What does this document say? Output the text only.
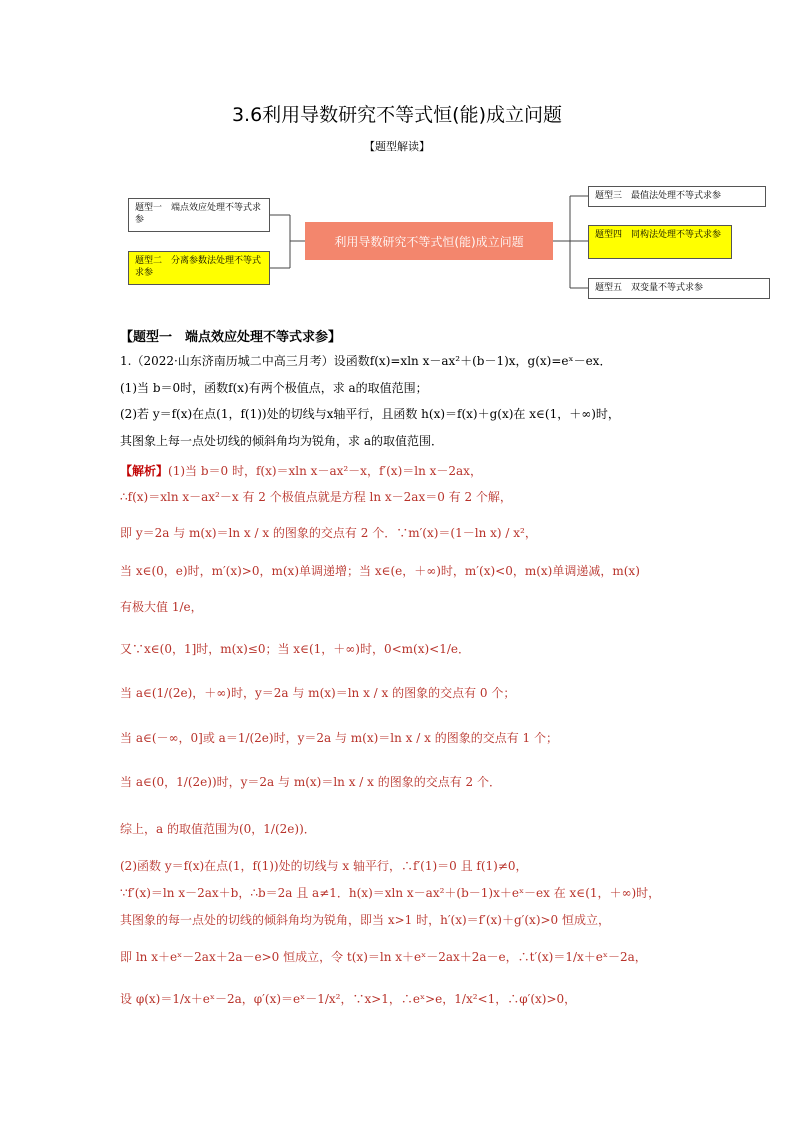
3.6利用导数研究不等式恒(能)成立问题
【题型解读】
题型一　端点效应处理不等式求参
题型二　分离参数法处理不等式求参
利用导数研究不等式恒(能)成立问题
题型三　最值法处理不等式求参
题型四　同构法处理不等式求参
题型五　双变量不等式求参
【题型一　端点效应处理不等式求参】
1.（2022·山东济南历城二中高三月考）设函数f(x)=xln x－ax²＋(b－1)x，g(x)=eˣ－ex．
(1)当 b＝0时，函数f(x)有两个极值点，求 a的取值范围；
(2)若 y＝f(x)在点(1，f(1))处的切线与x轴平行，且函数 h(x)＝f(x)＋g(x)在 x∈(1，＋∞)时，
其图象上每一点处切线的倾斜角均为锐角，求 a的取值范围．
【解析】(1)当 b＝0 时，f(x)＝xln x－ax²－x，f′(x)＝ln x－2ax，
∴f(x)＝xln x－ax²－x 有 2 个极值点就是方程 ln x－2ax＝0 有 2 个解，
即 y＝2a 与 m(x)＝ln x / x 的图象的交点有 2 个．∵m′(x)＝(1－ln x) / x²，
当 x∈(0，e)时，m′(x)>0，m(x)单调递增；当 x∈(e，＋∞)时，m′(x)<0，m(x)单调递减，m(x)
有极大值 1/e，
又∵x∈(0，1]时，m(x)≤0；当 x∈(1，＋∞)时，0<m(x)<1/e．
当 a∈(1/(2e)，＋∞)时，y＝2a 与 m(x)＝ln x / x 的图象的交点有 0 个；
当 a∈(－∞，0]或 a＝1/(2e)时，y＝2a 与 m(x)＝ln x / x 的图象的交点有 1 个；
当 a∈(0，1/(2e))时，y＝2a 与 m(x)＝ln x / x 的图象的交点有 2 个．
综上，a 的取值范围为(0，1/(2e))．
(2)函数 y＝f(x)在点(1，f(1))处的切线与 x 轴平行，∴f′(1)＝0 且 f(1)≠0，
∵f′(x)＝ln x－2ax＋b，∴b＝2a 且 a≠1．h(x)＝xln x－ax²＋(b－1)x＋eˣ－ex 在 x∈(1，＋∞)时，
其图象的每一点处的切线的倾斜角均为锐角，即当 x>1 时，h′(x)＝f′(x)＋g′(x)>0 恒成立，
即 ln x＋eˣ－2ax＋2a－e>0 恒成立，令 t(x)＝ln x＋eˣ－2ax＋2a－e，∴t′(x)＝1/x＋eˣ－2a，
设 φ(x)＝1/x＋eˣ－2a，φ′(x)＝eˣ－1/x²，∵x>1，∴eˣ>e，1/x²<1，∴φ′(x)>0，
